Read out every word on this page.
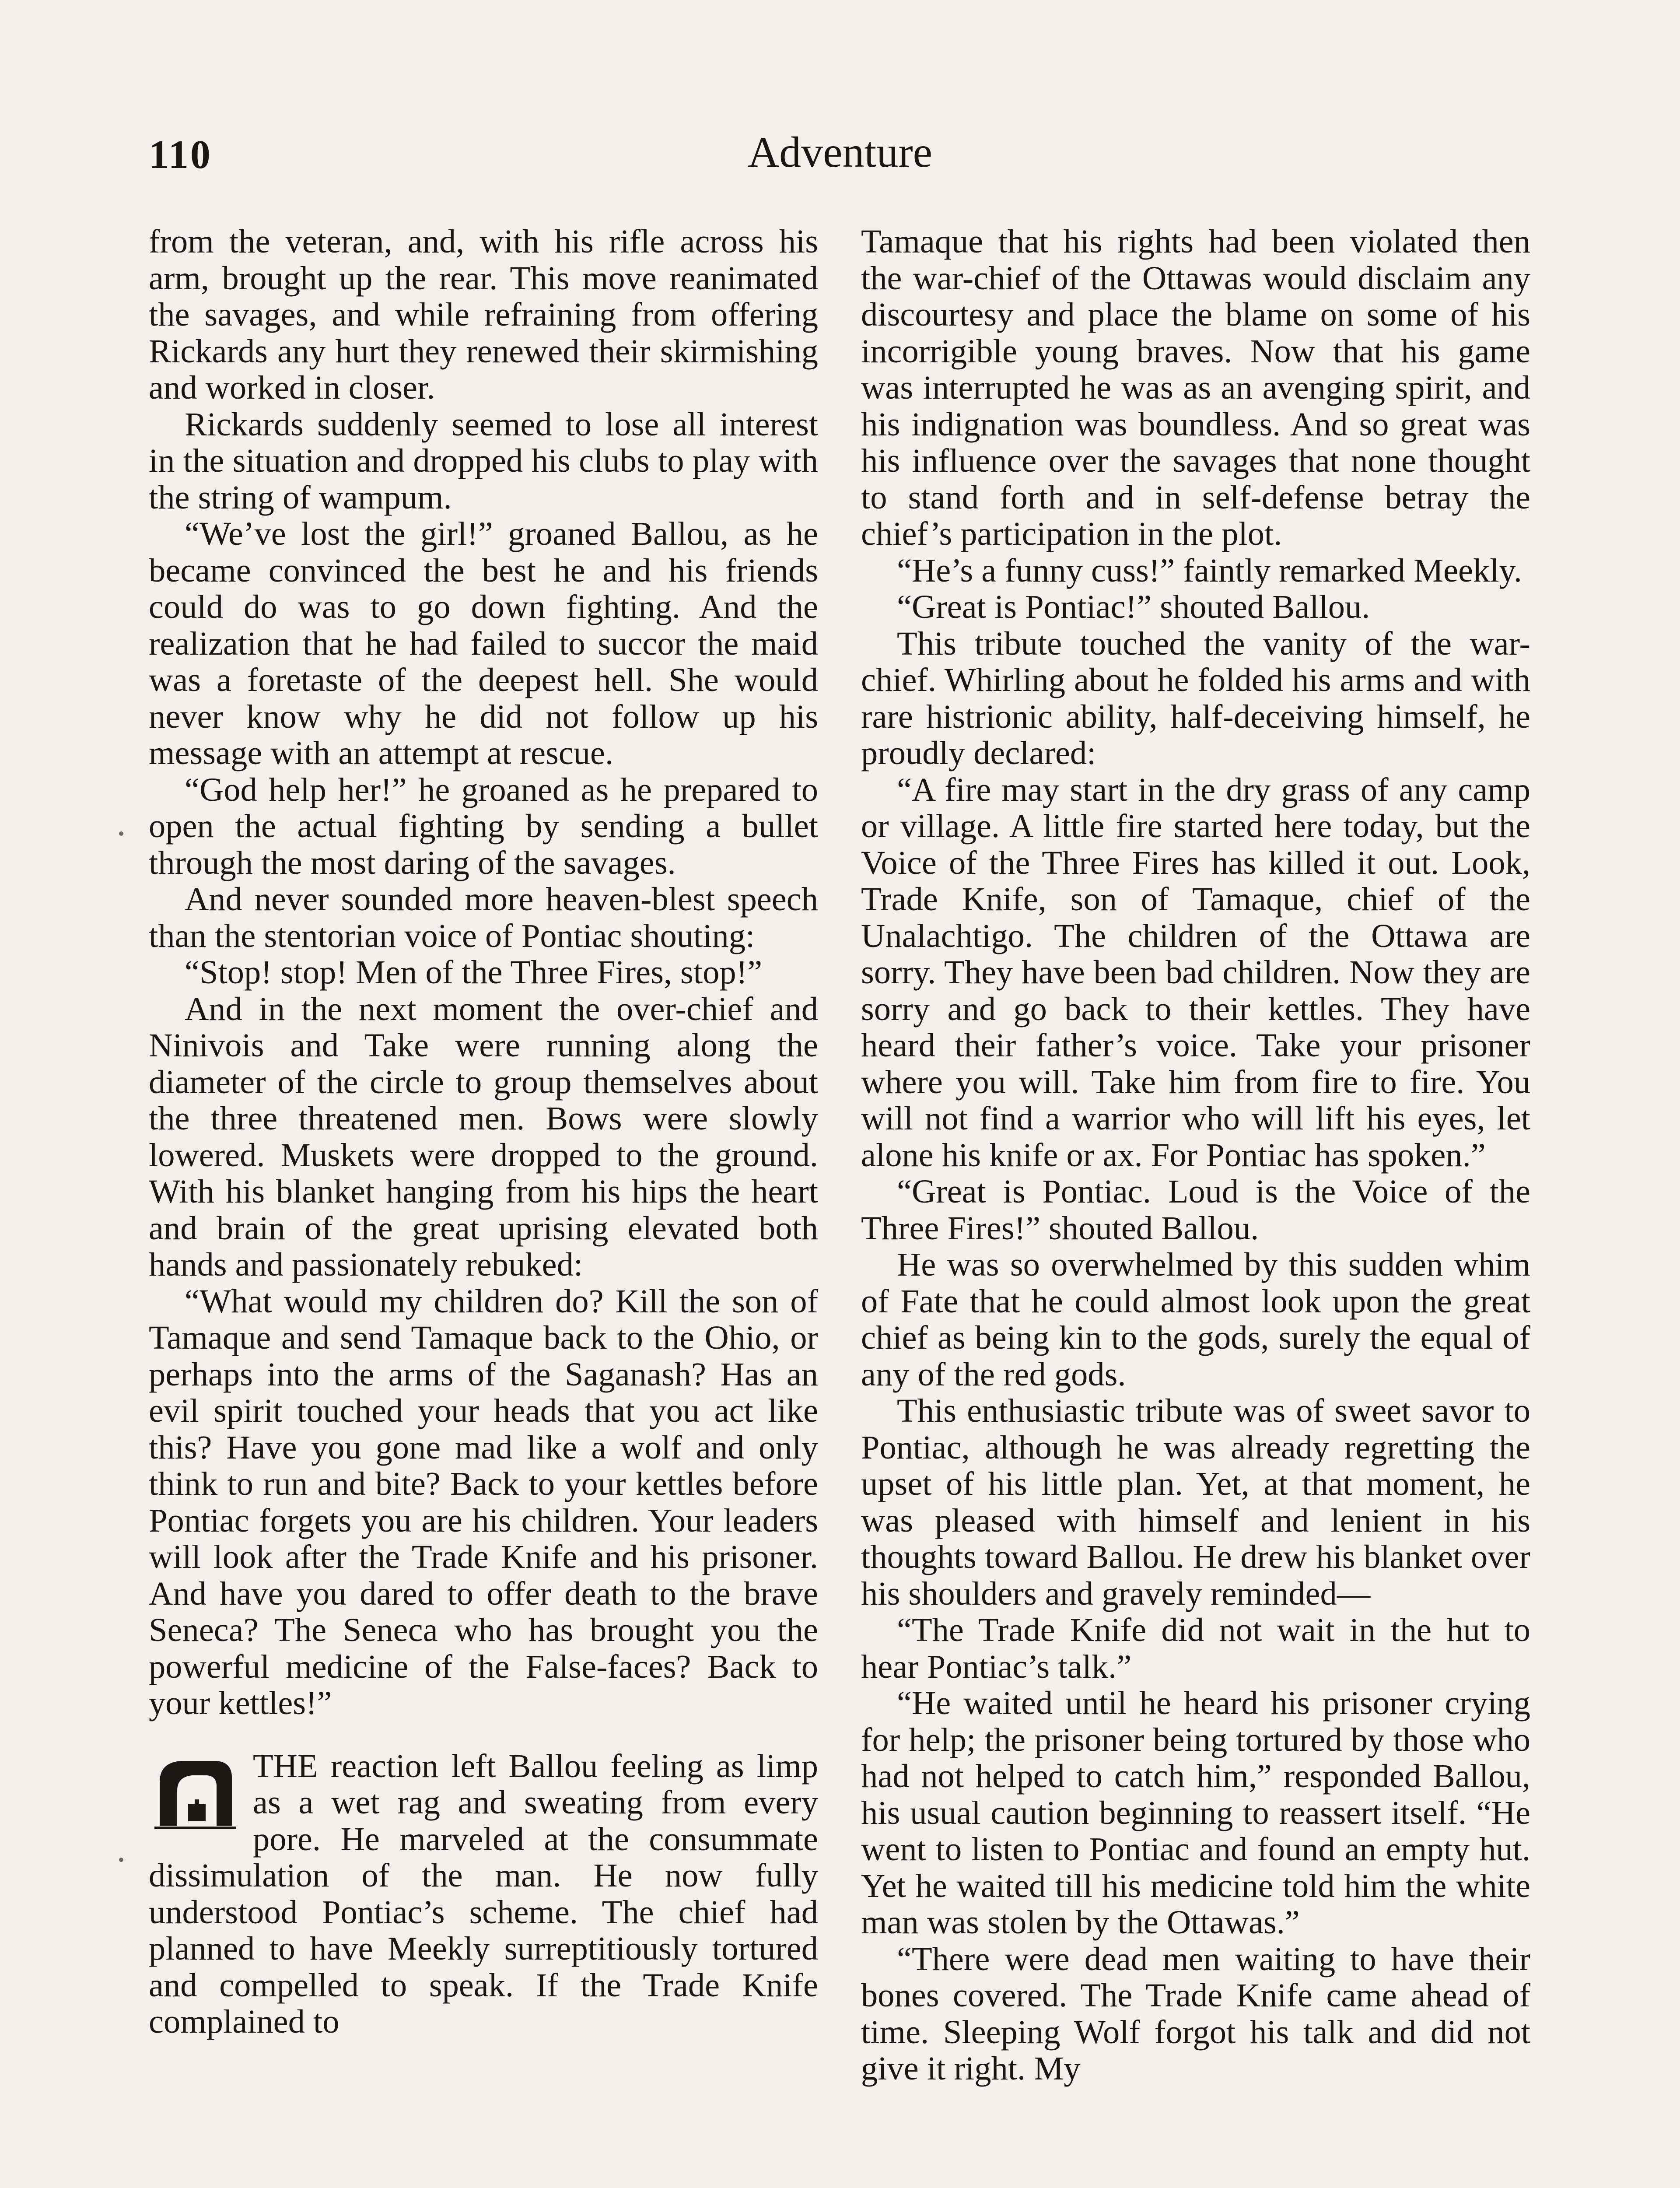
110	Adventure

from the veteran, and, with his rifle across his arm, brought up the rear. This move reanimated the savages, and while refraining from offering Rickards any hurt they renewed their skirmishing and worked in closer.

Rickards suddenly seemed to lose all interest in the situation and dropped his clubs to play with the string of wampum.

“We’ve lost the girl!” groaned Ballou, as he became convinced the best he and his friends could do was to go down fighting. And the realization that he had failed to succor the maid was a foretaste of the deepest hell. She would never know why he did not follow up his message with an attempt at rescue.

“God help her!” he groaned as he prepared to open the actual fighting by sending a bullet through the most daring of the savages.

And never sounded more heaven-blest speech than the stentorian voice of Pontiac shouting:

“Stop! stop! Men of the Three Fires, stop!”

And in the next moment the over-chief and Ninivois and Take were running along the diameter of the circle to group themselves about the three threatened men. Bows were slowly lowered. Muskets were dropped to the ground. With his blanket hanging from his hips the heart and brain of the great uprising elevated both hands and passionately rebuked:

“What would my children do? Kill the son of Tamaque and send Tamaque back to the Ohio, or perhaps into the arms of the Saganash? Has an evil spirit touched your heads that you act like this? Have you gone mad like a wolf and only think to run and bite? Back to your kettles before Pontiac forgets you are his children. Your leaders will look after the Trade Knife and his prisoner. And have you dared to offer death to the brave Seneca? The Seneca who has brought you the powerful medicine of the False-faces? Back to your kettles!”

THE reaction left Ballou feeling as limp as a wet rag and sweating from every pore. He marveled at the consummate dissimulation of the man. He now fully understood Pontiac’s scheme. The chief had planned to have Meekly surreptitiously tortured and compelled to speak. If the Trade Knife complained to

Tamaque that his rights had been violated then the war-chief of the Ottawas would disclaim any discourtesy and place the blame on some of his incorrigible young braves. Now that his game was interrupted he was as an avenging spirit, and his indignation was boundless. And so great was his influence over the savages that none thought to stand forth and in self-defense betray the chief’s participation in the plot.

“He’s a funny cuss!” faintly remarked Meekly.

“Great is Pontiac!” shouted Ballou.

This tribute touched the vanity of the war-chief. Whirling about he folded his arms and with rare histrionic ability, half-deceiving himself, he proudly declared:

“A fire may start in the dry grass of any camp or village. A little fire started here today, but the Voice of the Three Fires has killed it out. Look, Trade Knife, son of Tamaque, chief of the Unalachtigo. The children of the Ottawa are sorry. They have been bad children. Now they are sorry and go back to their kettles. They have heard their father’s voice. Take your prisoner where you will. Take him from fire to fire. You will not find a warrior who will lift his eyes, let alone his knife or ax. For Pontiac has spoken.”

“Great is Pontiac. Loud is the Voice of the Three Fires!” shouted Ballou.

He was so overwhelmed by this sudden whim of Fate that he could almost look upon the great chief as being kin to the gods, surely the equal of any of the red gods.

This enthusiastic tribute was of sweet savor to Pontiac, although he was already regretting the upset of his little plan. Yet, at that moment, he was pleased with himself and lenient in his thoughts toward Ballou. He drew his blanket over his shoulders and gravely reminded—

“The Trade Knife did not wait in the hut to hear Pontiac’s talk.”

“He waited until he heard his prisoner crying for help; the prisoner being tortured by those who had not helped to catch him,” responded Ballou, his usual caution beginning to reassert itself. “He went to listen to Pontiac and found an empty hut. Yet he waited till his medicine told him the white man was stolen by the Ottawas.”

“There were dead men waiting to have their bones covered. The Trade Knife came ahead of time. Sleeping Wolf forgot his talk and did not give it right. My
